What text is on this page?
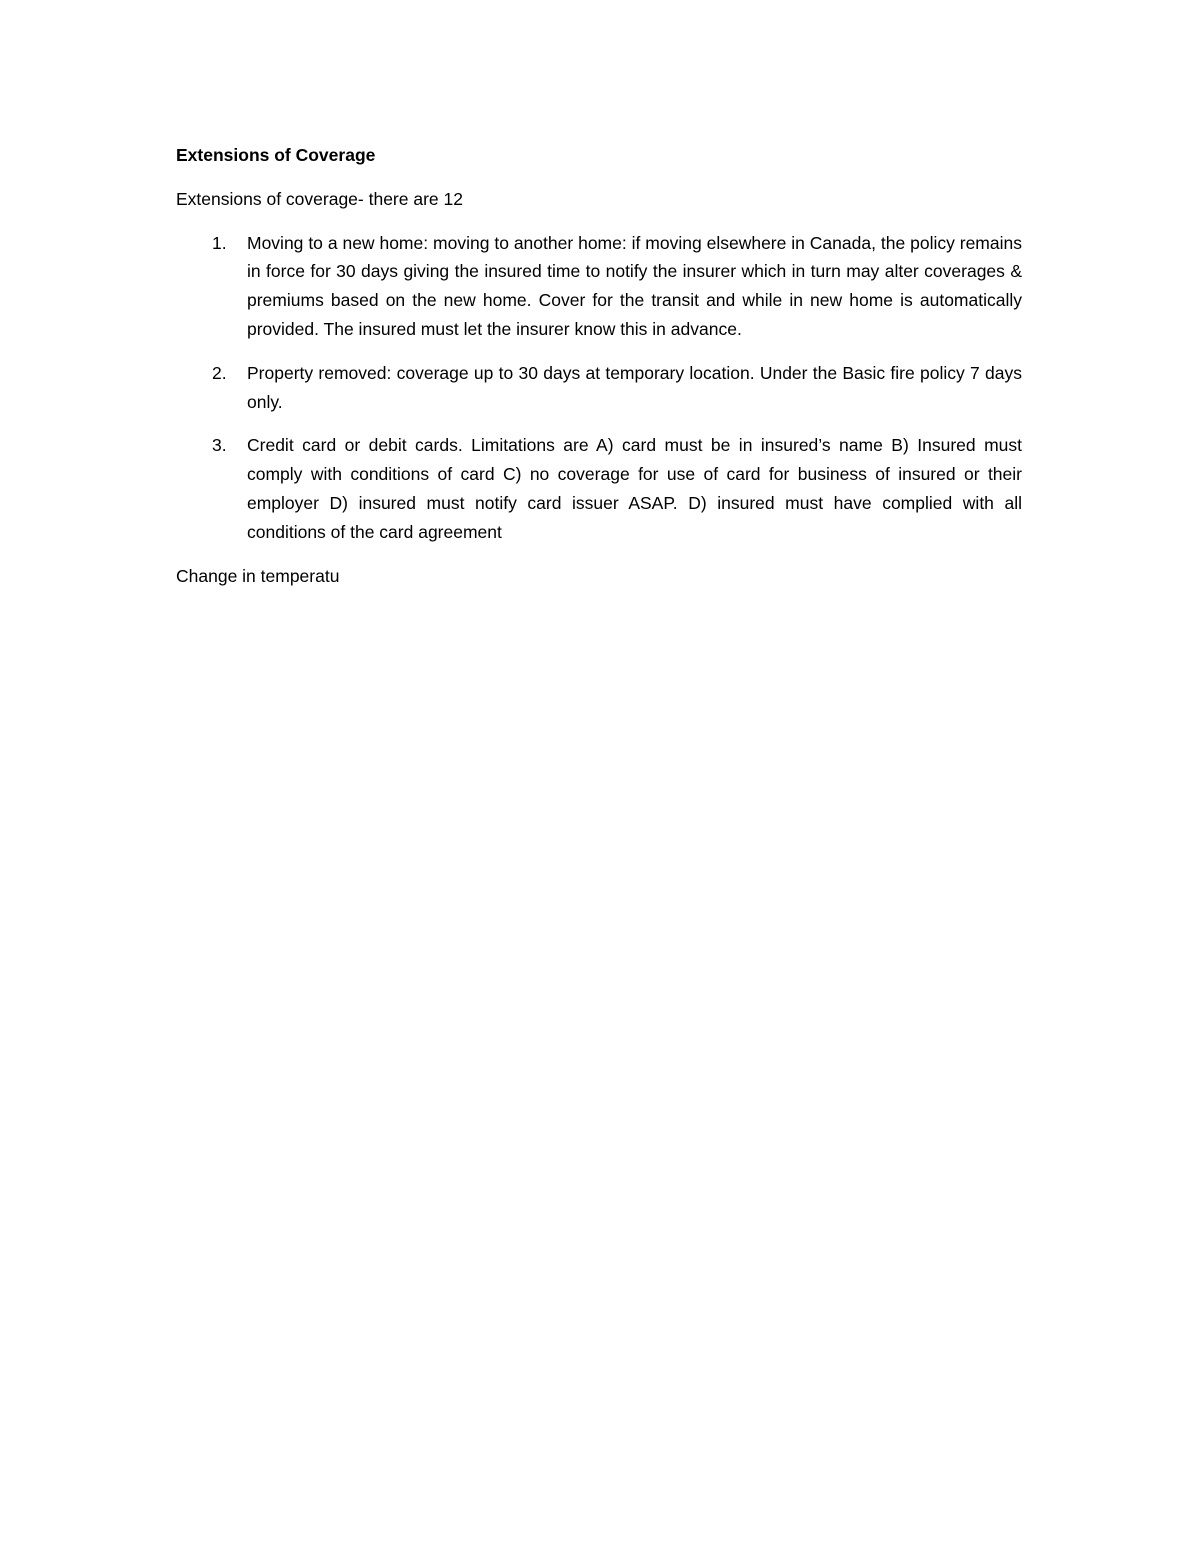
Extensions of Coverage
Extensions of coverage- there are 12
1. Moving to a new home: moving to another home: if moving elsewhere in Canada, the policy remains in force for 30 days giving the insured time to notify the insurer which in turn may alter coverages & premiums based on the new home. Cover for the transit and while in new home is automatically provided. The insured must let the insurer know this in advance.
2. Property removed: coverage up to 30 days at temporary location. Under the Basic fire policy 7 days only.
3. Credit card or debit cards. Limitations are A) card must be in insured’s name B) Insured must comply with conditions of card C) no coverage for use of card for business of insured or their employer D) insured must notify card issuer ASAP. D) insured must have complied with all conditions of the card agreement
Change in temperatu
